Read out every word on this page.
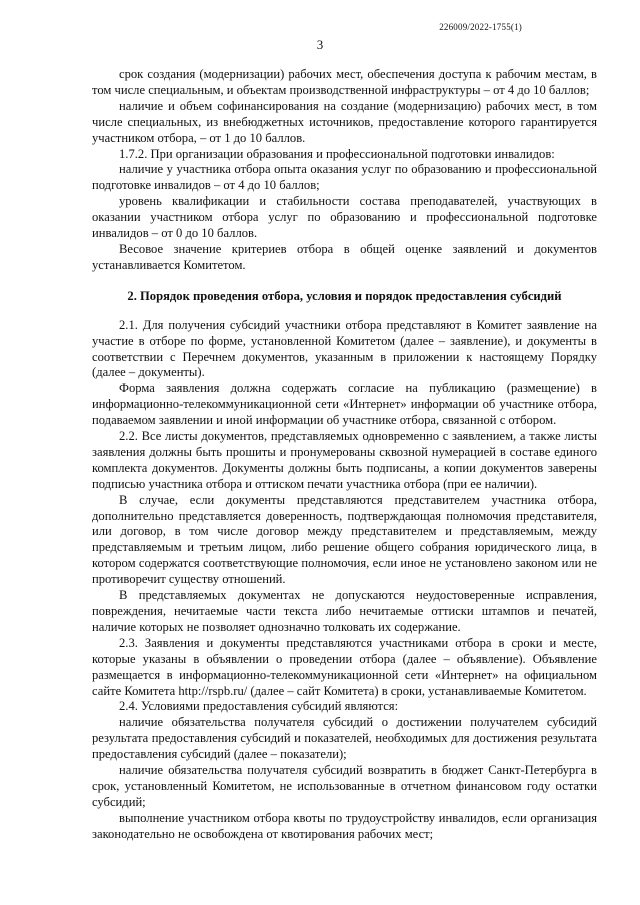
226009/2022-1755(1)
3

срок создания (модернизации) рабочих мест, обеспечения доступа к рабочим местам, в том числе специальным, и объектам производственной инфраструктуры – от 4 до 10 баллов;

наличие и объем софинансирования на создание (модернизацию) рабочих мест, в том числе специальных, из внебюджетных источников, предоставление которого гарантируется участником отбора, – от 1 до 10 баллов.

1.7.2. При организации образования и профессиональной подготовки инвалидов:

наличие у участника отбора опыта оказания услуг по образованию и профессиональной подготовке инвалидов – от 4 до 10 баллов;

уровень квалификации и стабильности состава преподавателей, участвующих в оказании участником отбора услуг по образованию и профессиональной подготовке инвалидов – от 0 до 10 баллов.

Весовое значение критериев отбора в общей оценке заявлений и документов устанавливается Комитетом.

2. Порядок проведения отбора, условия и порядок предоставления субсидий

2.1. Для получения субсидий участники отбора представляют в Комитет заявление на участие в отборе по форме, установленной Комитетом (далее – заявление), и документы в соответствии с Перечнем документов, указанным в приложении к настоящему Порядку (далее – документы).

Форма заявления должна содержать согласие на публикацию (размещение) в информационно-телекоммуникационной сети «Интернет» информации об участнике отбора, подаваемом заявлении и иной информации об участнике отбора, связанной с отбором.

2.2. Все листы документов, представляемых одновременно с заявлением, а также листы заявления должны быть прошиты и пронумерованы сквозной нумерацией в составе единого комплекта документов. Документы должны быть подписаны, а копии документов заверены подписью участника отбора и оттиском печати участника отбора (при ее наличии).

В случае, если документы представляются представителем участника отбора, дополнительно представляется доверенность, подтверждающая полномочия представителя, или договор, в том числе договор между представителем и представляемым, между представляемым и третьим лицом, либо решение общего собрания юридического лица, в котором содержатся соответствующие полномочия, если иное не установлено законом или не противоречит существу отношений.

В представляемых документах не допускаются неудостоверенные исправления, повреждения, нечитаемые части текста либо нечитаемые оттиски штампов и печатей, наличие которых не позволяет однозначно толковать их содержание.

2.3. Заявления и документы представляются участниками отбора в сроки и месте, которые указаны в объявлении о проведении отбора (далее – объявление). Объявление размещается в информационно-телекоммуникационной сети «Интернет» на официальном сайте Комитета http://rspb.ru/ (далее – сайт Комитета) в сроки, устанавливаемые Комитетом.

2.4. Условиями предоставления субсидий являются:

наличие обязательства получателя субсидий о достижении получателем субсидий результата предоставления субсидий и показателей, необходимых для достижения результата предоставления субсидий (далее – показатели);

наличие обязательства получателя субсидий возвратить в бюджет Санкт-Петербурга в срок, установленный Комитетом, не использованные в отчетном финансовом году остатки субсидий;

выполнение участником отбора квоты по трудоустройству инвалидов, если организация законодательно не освобождена от квотирования рабочих мест;
